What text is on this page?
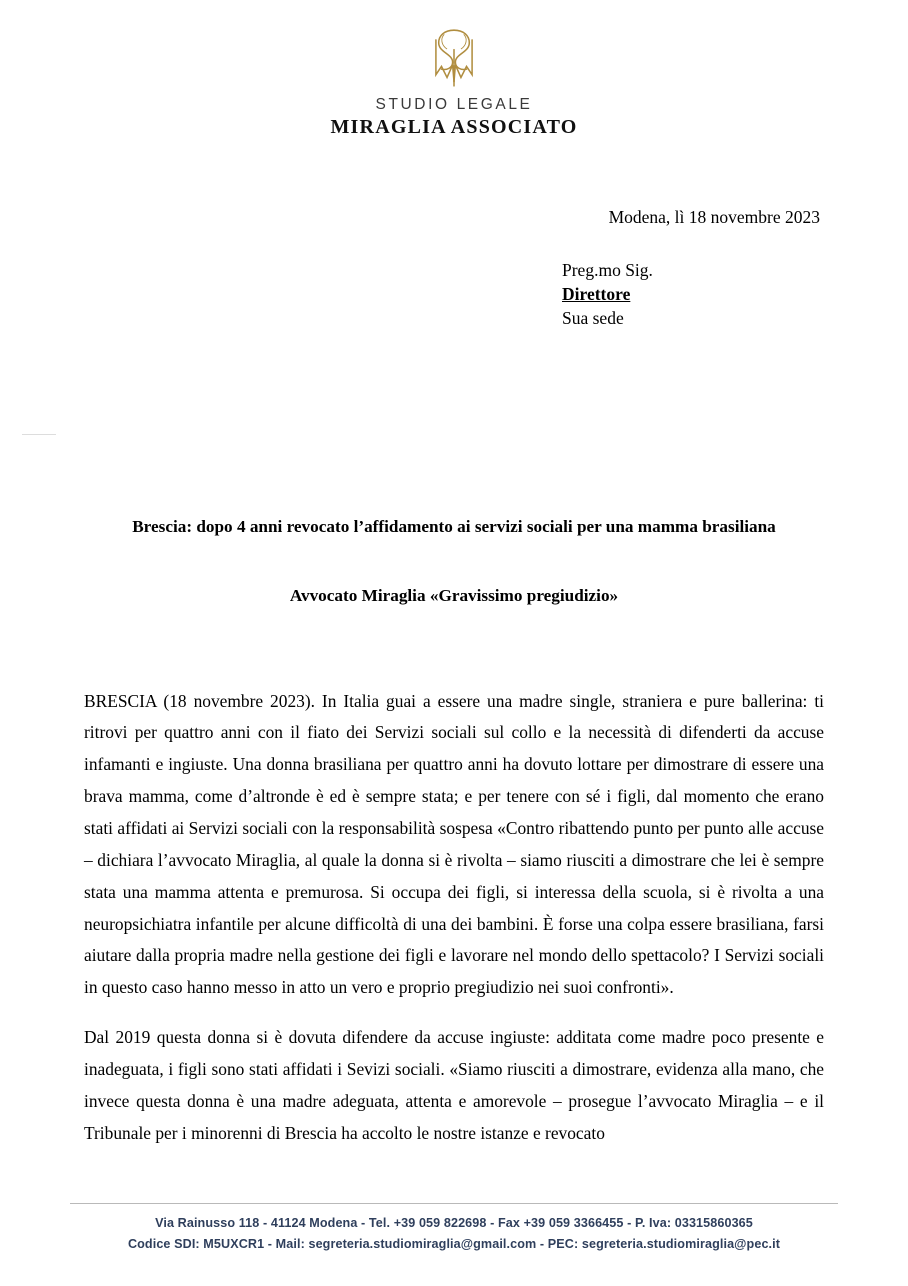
STUDIO LEGALE
MIRAGLIA ASSOCIATO
Modena, lì 18 novembre 2023
Preg.mo Sig.
Direttore
Sua sede
Brescia: dopo 4 anni revocato l’affidamento ai servizi sociali per una mamma brasiliana
Avvocato Miraglia «Gravissimo pregiudizio»

BRESCIA (18 novembre 2023). In Italia guai a essere una madre single, straniera e pure ballerina: ti ritrovi per quattro anni con il fiato dei Servizi sociali sul collo e la necessità di difenderti da accuse infamanti e ingiuste. Una donna brasiliana per quattro anni ha dovuto lottare per dimostrare di essere una brava mamma, come d’altronde è ed è sempre stata; e per tenere con sé i figli, dal momento che erano stati affidati ai Servizi sociali con la responsabilità sospesa «Contro ribattendo punto per punto alle accuse – dichiara l’avvocato Miraglia, al quale la donna si è rivolta – siamo riusciti a dimostrare che lei è sempre stata una mamma attenta e premurosa. Si occupa dei figli, si interessa della scuola, si è rivolta a una neuropsichiatra infantile per alcune difficoltà di una dei bambini. È forse una colpa essere brasiliana, farsi aiutare dalla propria madre nella gestione dei figli e lavorare nel mondo dello spettacolo? I Servizi sociali in questo caso hanno messo in atto un vero e proprio pregiudizio nei suoi confronti».

Dal 2019 questa donna si è dovuta difendere da accuse ingiuste: additata come madre poco presente e inadeguata, i figli sono stati affidati i Sevizi sociali. «Siamo riusciti a dimostrare, evidenza alla mano, che invece questa donna è una madre adeguata, attenta e amorevole – prosegue l’avvocato Miraglia – e il Tribunale per i minorenni di Brescia ha accolto le nostre istanze e revocato

Via Rainusso 118 - 41124 Modena - Tel. +39 059 822698 - Fax +39 059 3366455 - P. Iva: 03315860365
Codice SDI: M5UXCR1 - Mail: segreteria.studiomiraglia@gmail.com - PEC: segreteria.studiomiraglia@pec.it
